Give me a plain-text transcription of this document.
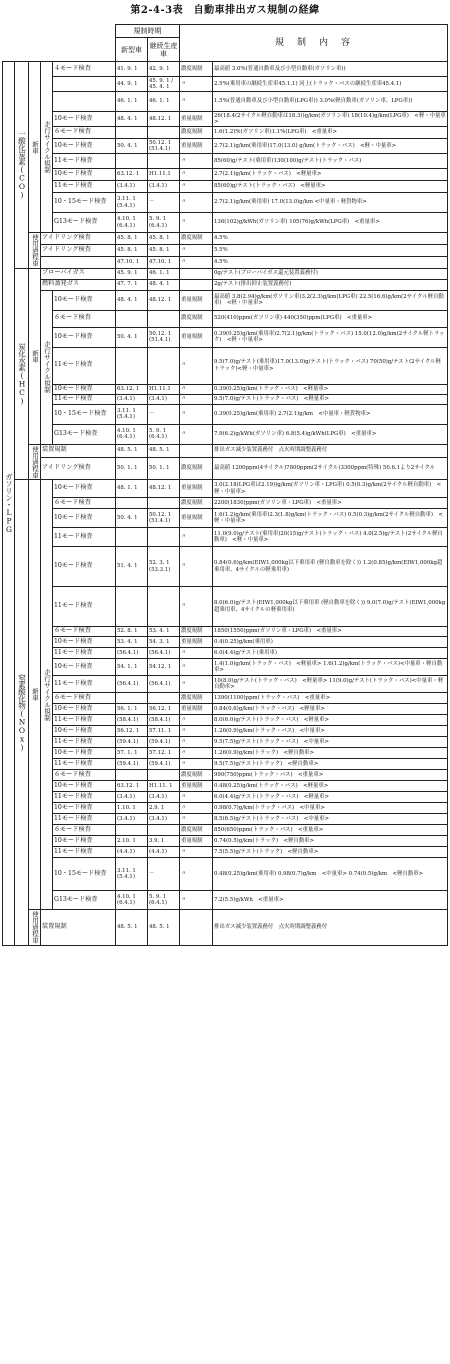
第2-4-3表　自動車排出ガス規制の経緯
					規制時期		規　制　内　容	
					新型車	継続生産車		
ガソリン・LPG	一酸化炭素(CO)	新車	走行サイクル規制	４モード検査	41. 9. 1	42. 9. 1	濃度規制	最高値 3.0%(普通自動車及び小型自動車(ガソリン車))
					44. 9. 1	45. 9. 1 / 45. 4. 1	〃	2.5%(乗用車の継続生産車45.1.1) 同上(トラック・バスの継続生産車45.4.1)
					46. 1. 1	46. 1. 1	〃	1.5%(普通自動車及び小型自動車(LPG車)) 3.0%(軽自動車(ガソリン車、LPG車))
				10モード検査	48. 4. 1	48.12. 1	重量規制	26(18.4(2サイクル軽自動車は18.3))g/km(ガソリン車) 18(10.4)g/km(LPG車)　<軽・中量車>
				６モード検査			濃度規制	1.6(1.2)%(ガソリン車)1.1%(LPG車)　<重量車>
				10モード検査	50. 4. 1	50.12. 1 (51.4.1)	重量規制	2.7(2.1)g/km(乗用車)17.0(13.0) g/km(トラック・バス)　<軽・中量車>
				11モード検査			〃	85(60)g/テスト(乗用車)130(100)g/テスト(トラック・バス)
				10モード検査	63.12. 1	H1.11.1	〃	2.7(2.1)g/km(トラック・バス)　<軽量車>
				11モード検査	(3.4.1)	(3.4.1)	〃	85(60)g/テスト(トラック・バス)　<軽量車>
				10・15モード検査	3.11. 1 (5.4.1)	－	〃	2.7(2.1)g/km(乗用車) 17.0(13.0)g/km <中量車・軽貨物車>
				G13モード検査	4.10. 1 (6.4.1)	5. 9. 1 (6.4.1)	〃	136(102)g/kWh(ガソリン車) 105(76)g/kWh(LPG車)　<重量車>
		使用過程車	アイドリング検査		45. 8. 1	45. 8. 1	濃度規制	4.5%
			アイドリング検査		45. 8. 1	45. 8. 1	〃	5.5%
					47.10. 1	47.10. 1	〃	4.5%
	炭化水素(HC)	新車	ブローバイガス		45. 9. 1	46. 1. 1		0g/テスト(ブローバイガス還元装置義務付)
			燃料蒸発ガス		47. 7. 1	48. 4. 1		2g/テスト(排出抑止装置義務付)
			走行サイクル規制	10モード検査	48. 4. 1	48.12. 1	重量規制	最高値 3.8(2.94)g/km(ガソリン車)3.2(2.3)g/km(LPG車) 22.5(16.6)g/km(2サイクル軽自動車)　<軽・中量車>
				６モード検査			濃度規制	520(410)ppm(ガソリン車) 440(350)ppm(LPG車)　<重量車>
				10モード検査	50. 4. 1	50.12. 1 (51.4.1)	重量規制	0.39(0.25)g/km(乗用車)2.7(2.1)g/km(トラック・バス) 15.0(12.0)g/km(2サイクル軽トラック)　<軽・中量車>
				11モード検査			〃	9.5(7.0)g/テスト(乗用車)17.0(13.0)g/テスト(トラック・バス) 70(50)g/テスト(2サイクル軽トラック)<軽・中量車>
				10モード検査	63.12. 1	H1.11.1	〃	0.39(0.25)g/km(トラック・バス)　<軽量車>
				11モード検査	(3.4.1)	(3.4.1)	〃	9.5(7.0)g/テスト(トラック・バス)　<軽量車>
				10・15モード検査	3.11. 1 (5.4.1)	－	〃	0.39(0.25)g/km(乗用車) 2.7(2.1)g/km　<中量車・軽貨物車>
				G13モード検査	4.10. 1 (6.4.1)	5. 9. 1 (6.4.1)	〃	7.9(6.2)g/kWh(ガソリン車) 6.8(5.4)g/kWh(LPG車)　<重量車>
		使用過程車	装置規制		48. 5. 1	48. 5. 1		排出ガス減少装置義務付　点火時期調整義務付
			アイドリング検査		50. 1. 1	50. 1. 1	濃度規制	最高値 1200ppm(4サイクル)7800ppm(2サイクル)3300ppm(特殊) 50.6.1より2サイクル
	窒素酸化物(NOx)	新車	走行サイクル規制	10モード検査	48. 1. 1	48.12. 1	重量規制	3.0(2.18(LPG車は2.19))g/km(ガソリン車・LPG車) 0.5(0.3)g/km(2サイクル軽自動車)　<軽・中量車>
				６モード検査			濃度規制	2200(1830)ppm(ガソリン車・LPG車)　<重量車>
				10モード検査	50. 4. 1	50.12. 1 (51.4.1)	重量規制	1.6(1.2)g/km(乗用車)2.3(1.8)g/km(トラック・バス) 0.5(0.3)g/km(2サイクル軽自動車)　<軽・中量車>
				11モード検査			〃	11.0(9.0)g/テスト(乗用車)20(15)g/テスト(トラック・バス) 4.0(2.5)g/テスト(2サイクル軽自動車)　<軽・中量車>
				10モード検査	51. 4. 1	52. 3. 1 (53.3.1)	〃	0.84(0.6)g/km(EIW1,000kg以下乗用車 (軽自動車を除く)) 1.2(0.85)g/km(EIW1,000kg超乗用車、4サイクルの軽乗用車)
				11モード検査			〃	8.0(6.0)g/テスト(EIW1,000kg以下乗用車 (軽自動車を除く)) 9.0(7.0)g/テスト(EIW1,000kg超乗用車、4サイクルの軽乗用車)
				６モード検査	52. 8. 1	53. 4. 1	濃度規制	1850(1550)ppm(ガソリン車・LPG車)　<重量車>
				10モード検査	53. 4. 1	54. 3. 1	重量規制	0.4(0.25)g/km(乗用車)
				11モード検査	(56.4.1)	(56.4.1)	〃	6.0(4.4)g/テスト(乗用車)
				10モード検査	54. 1. 1	54.12. 1	〃	1.4(1.0)g/km(トラック・バス)　<軽量車> 1.6(1.2)g/km(トラック・バス)<中量車・軽自動車>
				11モード検査	(56.4.1)	(56.4.1)	〃	10(8.0)g/テスト(トラック・バス)　<軽量車> 11(9.0)g/テスト(トラック・バス)<中量車・軽自動車>
				６モード検査			濃度規制	1390(1100)ppm(トラック・バス)　<重量車>
				10モード検査	56. 1. 1	56.12. 1	重量規制	0.84(0.6)g/km(トラック・バス)　<軽量車>
				11モード検査	(58.4.1)	(58.4.1)	〃	8.0(6.0)g/テスト(トラック・バス)　<軽量車>
				10モード検査	56.12. 1	57.11. 1	〃	1.26(0.9)g/km(トラック・バス)　<中量車>
				11モード検査	(59.4.1)	(59.4.1)	〃	9.5(7.5)g/テスト(トラック・バス)　<中量車>
				10モード検査	57. 1. 1	57.12. 1	〃	1.26(0.9)g/km(トラック)　<軽自動車>
				11モード検査	(59.4.1)	(59.4.1)	〃	9.5(7.5)g/テスト(トラック)　<軽自動車>
				６モード検査			濃度規制	990(750)ppm(トラック・バス)　<重量車>
				10モード検査	63.12. 1	H1.11. 1	重量規制	0.48(0.25)g/km(トラック・バス)　<軽量車>
				11モード検査	(3.4.1)	(3.4.1)	〃	6.0(4.4)g/テスト(トラック・バス)　<軽量車>
				10モード検査	1.10. 1	2.9. 1	〃	0.98(0.7)g/km(トラック・バス)　<中量車>
				11モード検査	(3.4.1)	(3.4.1)	〃	8.5(6.5)g/テスト(トラック・バス)　<中量車>
				６モード検査			濃度規制	850(650)ppm(トラック・バス)　<重量車>
				10モード検査	2.10. 1	3.9. 1	重量規制	0.74(0.5)g/km(トラック)　<軽自動車>
				11モード検査	(4.4.1)	(4.4.1)	〃	7.5(5.5)g/テスト(トラック)　<軽自動車>
				10・15モード検査	3.11. 1 (5.4.1)	－	〃	0.48(0.25)g/km(乗用車) 0.98(0.7)g/km　<中量車> 0.74(0.5)g/km　<軽自動車>
				G13モード検査	4.10. 1 (6.4.1)	5. 9. 1 (6.4.1)	〃	7.2(5.5)g/kWh　<重量車>
		使用過程車	装置規制		48. 5. 1	48. 5. 1		排出ガス減少装置義務付　点火時期調整義務付
